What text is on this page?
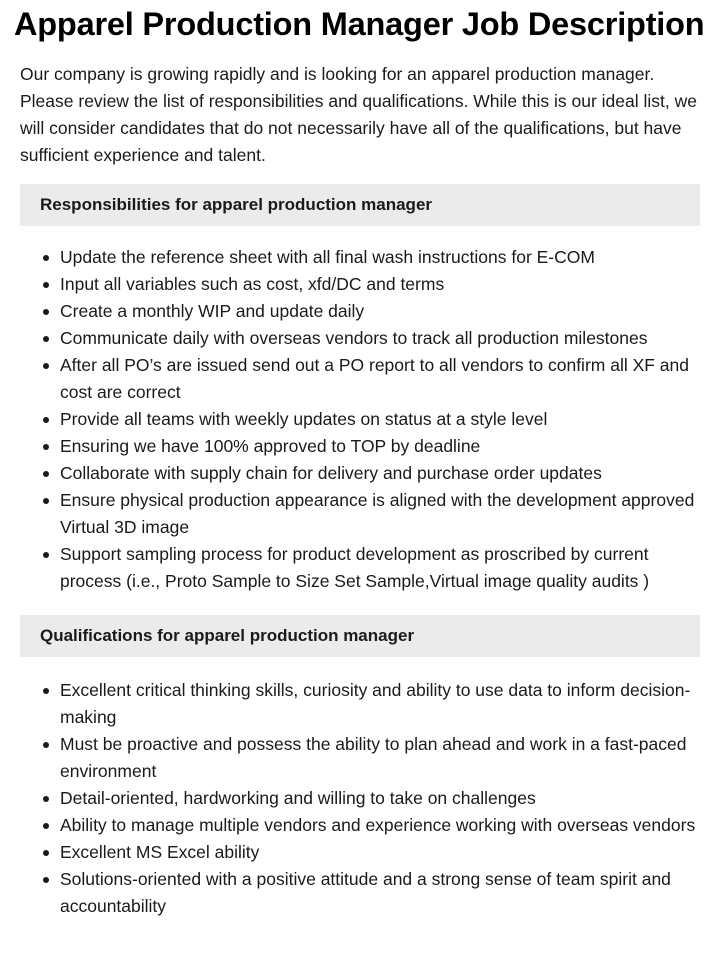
Apparel Production Manager Job Description

Our company is growing rapidly and is looking for an apparel production manager. Please review the list of responsibilities and qualifications. While this is our ideal list, we will consider candidates that do not necessarily have all of the qualifications, but have sufficient experience and talent.

Responsibilities for apparel production manager
Update the reference sheet with all final wash instructions for E-COM
Input all variables such as cost, xfd/DC and terms
Create a monthly WIP and update daily
Communicate daily with overseas vendors to track all production milestones
After all PO’s are issued send out a PO report to all vendors to confirm all XF and cost are correct
Provide all teams with weekly updates on status at a style level
Ensuring we have 100% approved to TOP by deadline
Collaborate with supply chain for delivery and purchase order updates
Ensure physical production appearance is aligned with the development approved Virtual 3D image
Support sampling process for product development as proscribed by current process (i.e., Proto Sample to Size Set Sample,Virtual image quality audits )
Qualifications for apparel production manager
Excellent critical thinking skills, curiosity and ability to use data to inform decision-making
Must be proactive and possess the ability to plan ahead and work in a fast-paced environment
Detail-oriented, hardworking and willing to take on challenges
Ability to manage multiple vendors and experience working with overseas vendors
Excellent MS Excel ability
Solutions-oriented with a positive attitude and a strong sense of team spirit and accountability
